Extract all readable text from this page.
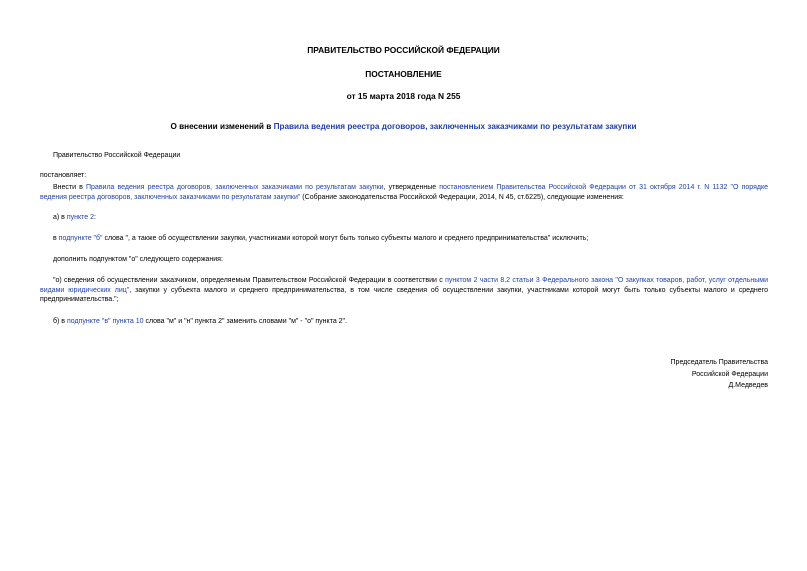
ПРАВИТЕЛЬСТВО РОССИЙСКОЙ ФЕДЕРАЦИИ
ПОСТАНОВЛЕНИЕ
от 15 марта 2018 года N 255
О внесении изменений в Правила ведения реестра договоров, заключенных заказчиками по результатам закупки
Правительство Российской Федерации
постановляет:
Внести в Правила ведения реестра договоров, заключенных заказчиками по результатам закупки, утвержденные постановлением Правительства Российской Федерации от 31 октября 2014 г. N 1132 "О порядке ведения реестра договоров, заключенных заказчиками по результатам закупки" (Собрание законодательства Российской Федерации, 2014, N 45, ст.6225), следующие изменения:
а) в пункте 2:
в подпункте "б" слова ", а также об осуществлении закупки, участниками которой могут быть только субъекты малого и среднего предпринимательства" исключить;
дополнить подпунктом "о" следующего содержания:
"о) сведения об осуществлении заказчиком, определяемым Правительством Российской Федерации в соответствии с пунктом 2 части 8.2 статьи 3 Федерального закона "О закупках товаров, работ, услуг отдельными видами юридических лиц", закупки у субъекта малого и среднего предпринимательства, в том числе сведения об осуществлении закупки, участниками которой могут быть только субъекты малого и среднего предпринимательства.";
б) в подпункте "в" пункта 10 слова "м" и "н" пункта 2" заменить словами "м" - "о" пункта 2".
Председатель Правительства
Российской Федерации
Д.Медведев
